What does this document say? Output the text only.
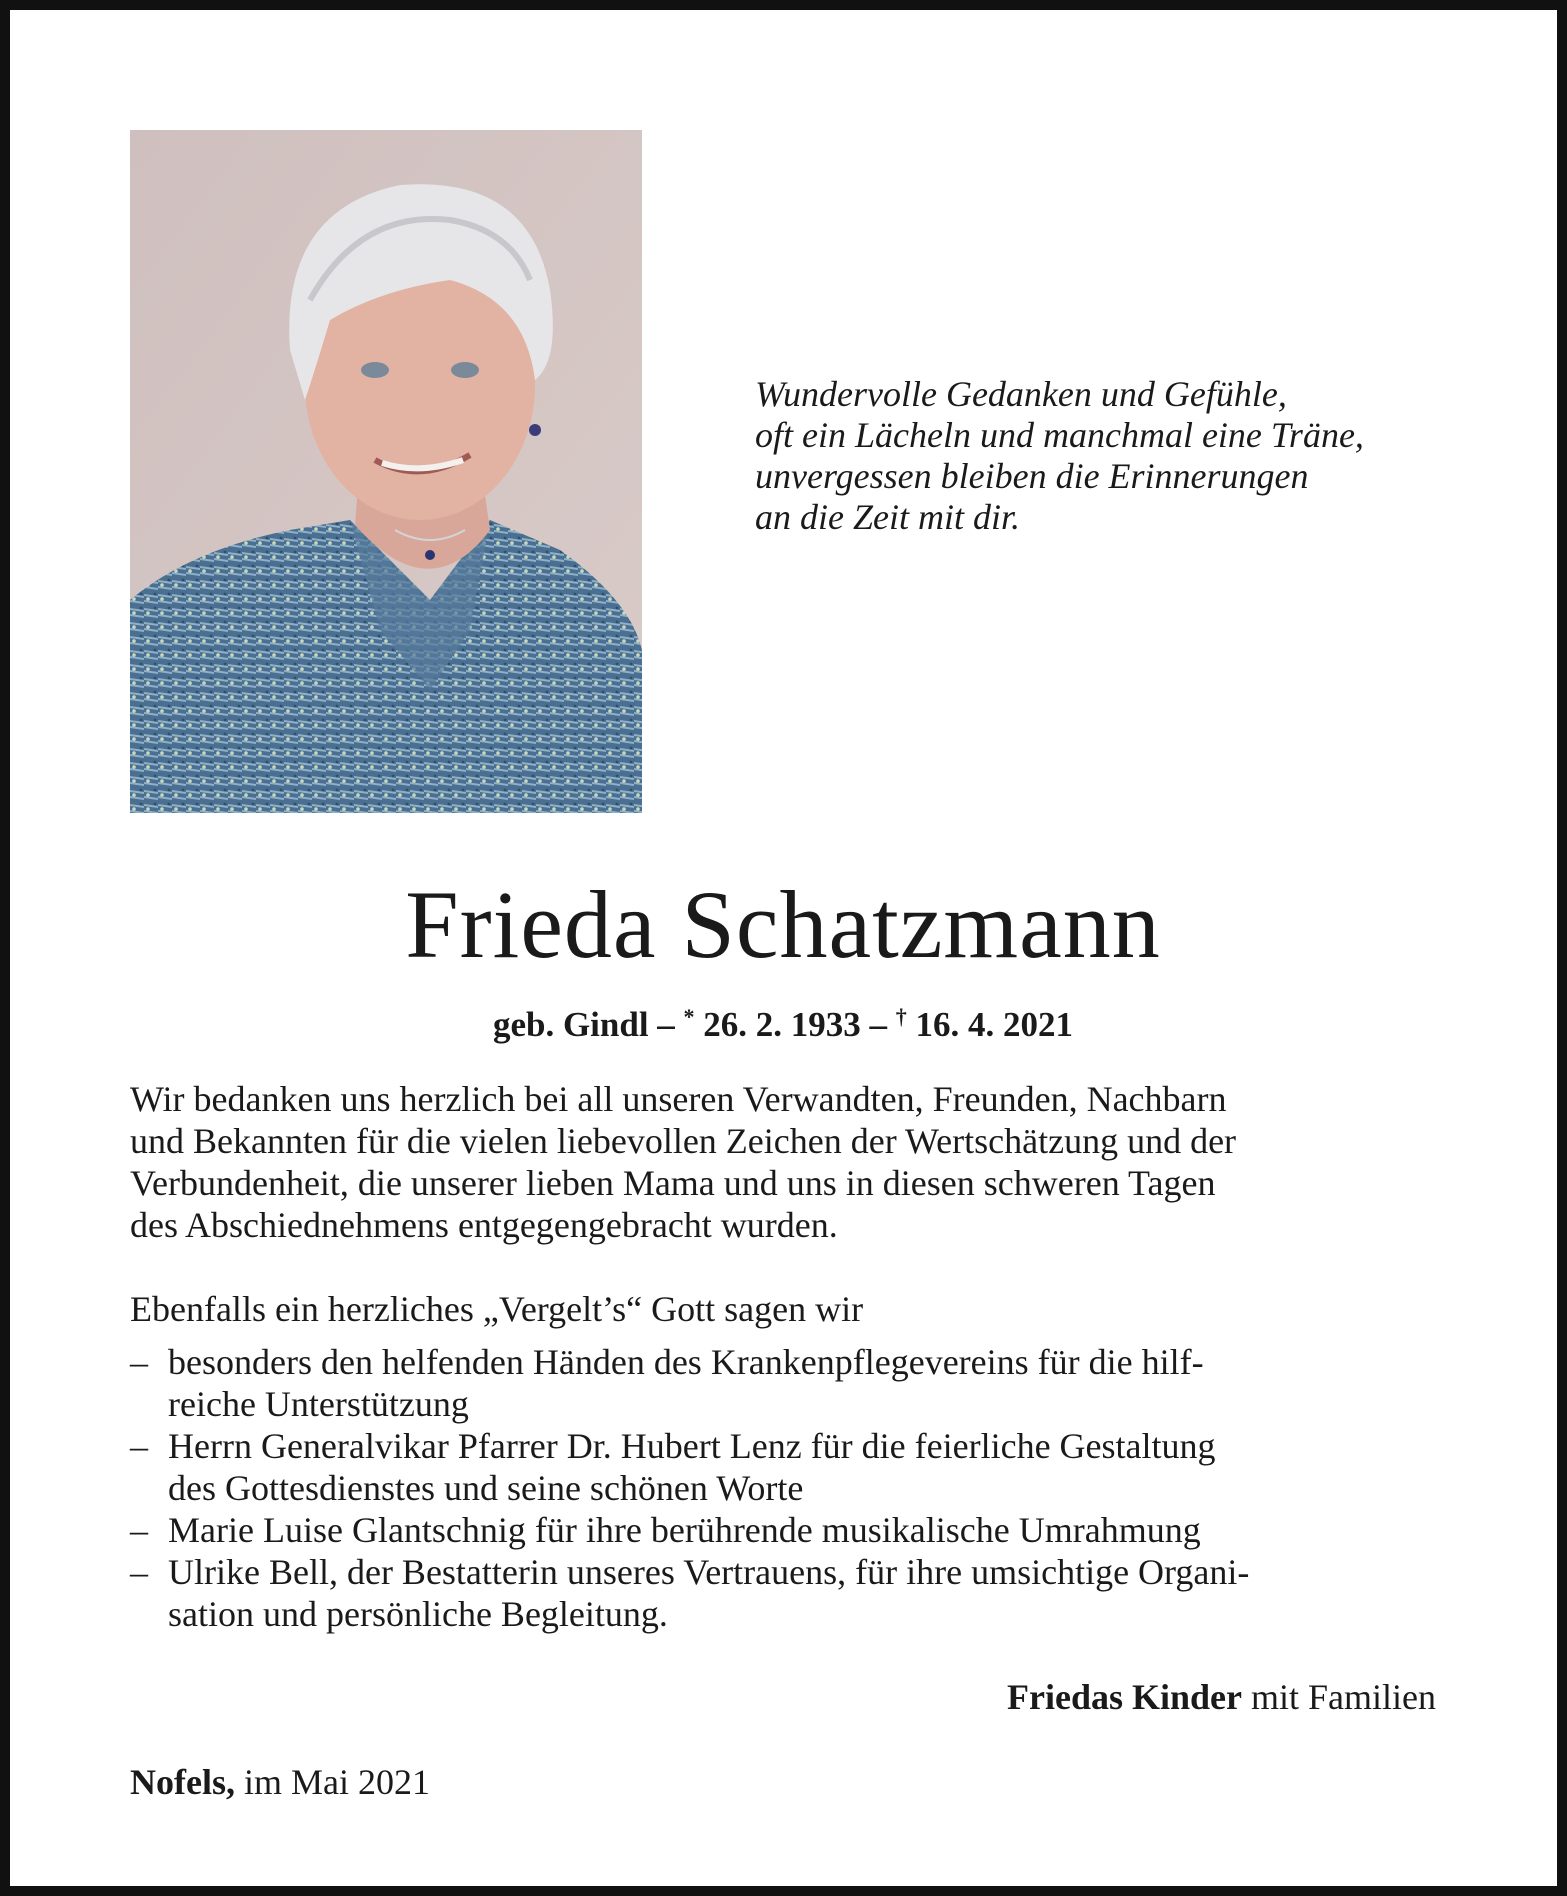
Wundervolle Gedanken und Gefühle,
oft ein Lächeln und manchmal eine Träne,
unvergessen bleiben die Erinnerungen
an die Zeit mit dir.
Frieda Schatzmann
geb. Gindl – * 26. 2. 1933 – † 16. 4. 2021
Wir bedanken uns herzlich bei all unseren Verwandten, Freunden, Nachbarn
und Bekannten für die vielen liebevollen Zeichen der Wertschätzung und der
Verbundenheit, die unserer lieben Mama und uns in diesen schweren Tagen
des Abschiednehmens entgegengebracht wurden.
Ebenfalls ein herzliches „Vergelt’s“ Gott sagen wir
– besonders den helfenden Händen des Krankenpflegevereins für die hilf-
reiche Unterstützung
– Herrn Generalvikar Pfarrer Dr. Hubert Lenz für die feierliche Gestaltung
des Gottesdienstes und seine schönen Worte
– Marie Luise Glantschnig für ihre berührende musikalische Umrahmung
– Ulrike Bell, der Bestatterin unseres Vertrauens, für ihre umsichtige Organi-
sation und persönliche Begleitung.
Friedas Kinder mit Familien
Nofels, im Mai 2021
